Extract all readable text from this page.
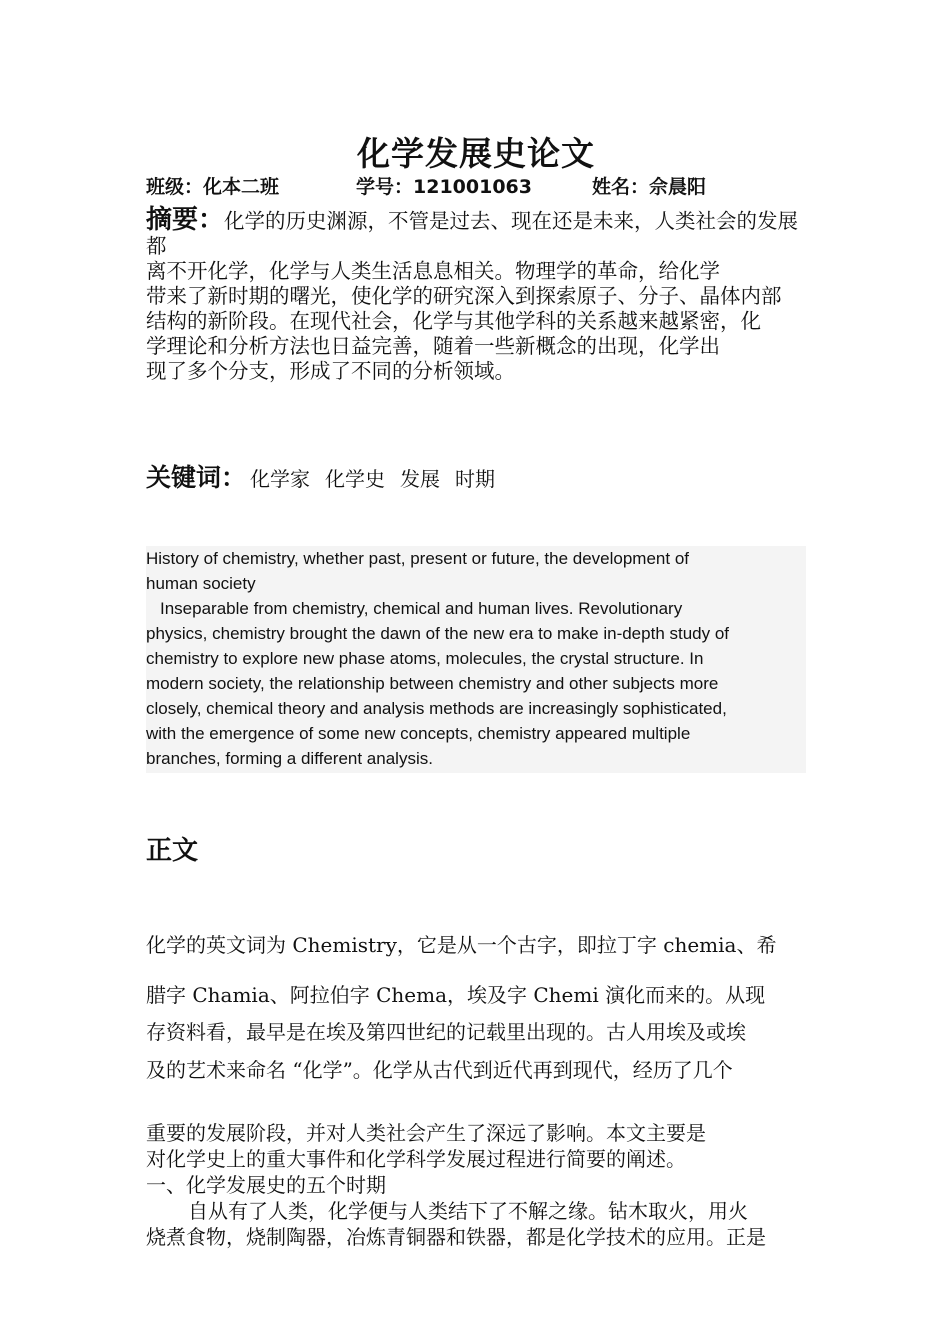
化学发展史论文
班级：化本二班	学号：121001063	姓名：佘晨阳
摘要：化学的历史渊源，不管是过去、现在还是未来，人类社会的发展
都
离不开化学，化学与人类生活息息相关。物理学的革命，给化学
带来了新时期的曙光，使化学的研究深入到探索原子、分子、晶体内部
结构的新阶段。在现代社会，化学与其他学科的关系越来越紧密，化
学理论和分析方法也日益完善，随着一些新概念的出现，化学出
现了多个分支，形成了不同的分析领域。
关键词： 化学家 化学史 发展 时期
History of chemistry, whether past, present or future, the development of
human society
Inseparable from chemistry, chemical and human lives. Revolutionary
physics, chemistry brought the dawn of the new era to make in-depth study of
chemistry to explore new phase atoms, molecules, the crystal structure. In
modern society, the relationship between chemistry and other subjects more
closely, chemical theory and analysis methods are increasingly sophisticated,
with the emergence of some new concepts, chemistry appeared multiple
branches, forming a different analysis.
正文
化学的英文词为 Chemistry，它是从一个古字，即拉丁字 chemia、希
腊字 Chamia、阿拉伯字 Chema，埃及字 Chemi 演化而来的。从现
存资料看，最早是在埃及第四世纪的记载里出现的。古人用埃及或埃
及的艺术来命名 “化学”。化学从古代到近代再到现代，经历了几个
重要的发展阶段，并对人类社会产生了深远了影响。本文主要是
对化学史上的重大事件和化学科学发展过程进行简要的阐述。
一、化学发展史的五个时期
自从有了人类，化学便与人类结下了不解之缘。钻木取火，用火
烧煮食物，烧制陶器，冶炼青铜器和铁器，都是化学技术的应用。正是
